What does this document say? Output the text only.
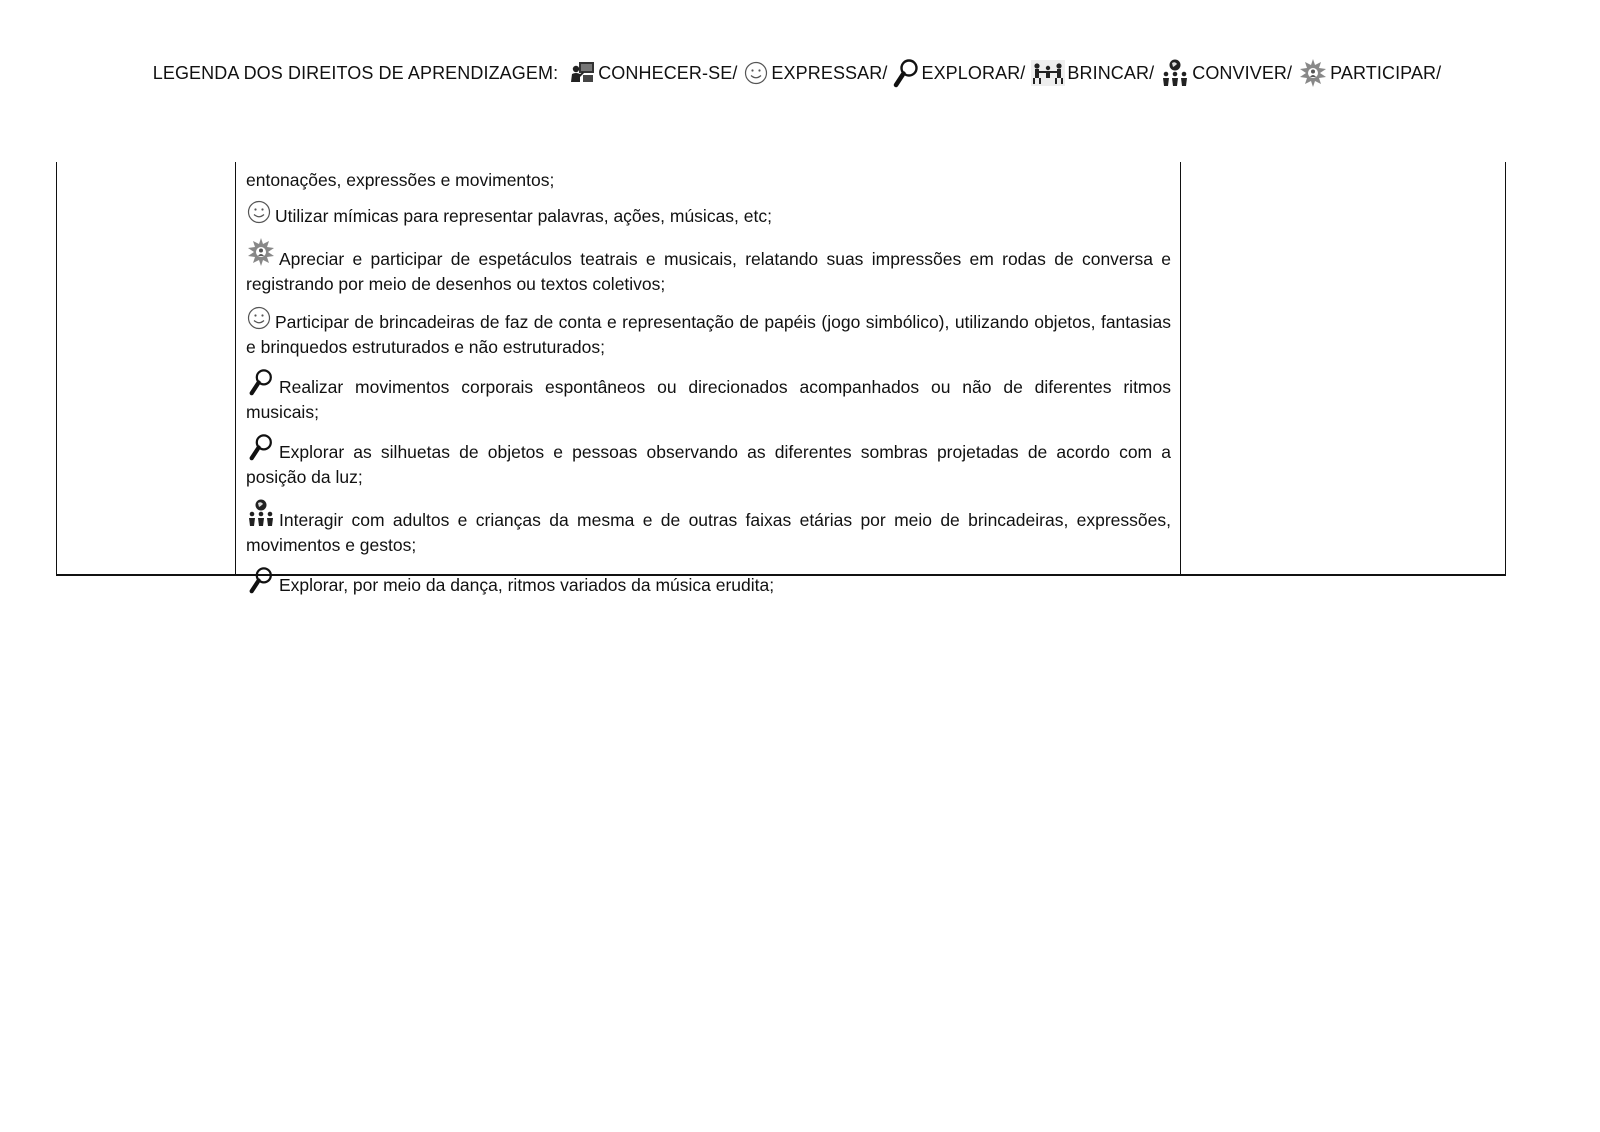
LEGENDA DOS DIREITOS DE APRENDIZAGEM: CONHECER-SE/ EXPRESSAR/ EXPLORAR/ BRINCAR/ CONVIVER/ PARTICIPAR/

entonações, expressões e movimentos;

Utilizar mímicas para representar palavras, ações, músicas, etc;

Apreciar e participar de espetáculos teatrais e musicais, relatando suas impressões em rodas de conversa e registrando por meio de desenhos ou textos coletivos;

Participar de brincadeiras de faz de conta e representação de papéis (jogo simbólico), utilizando objetos, fantasias e brinquedos estruturados e não estruturados;

Realizar movimentos corporais espontâneos ou direcionados acompanhados ou não de diferentes ritmos musicais;

Explorar as silhuetas de objetos e pessoas observando as diferentes sombras projetadas de acordo com a posição da luz;

Interagir com adultos e crianças da mesma e de outras faixas etárias por meio de brincadeiras, expressões, movimentos e gestos;

Explorar, por meio da dança, ritmos variados da música erudita;
